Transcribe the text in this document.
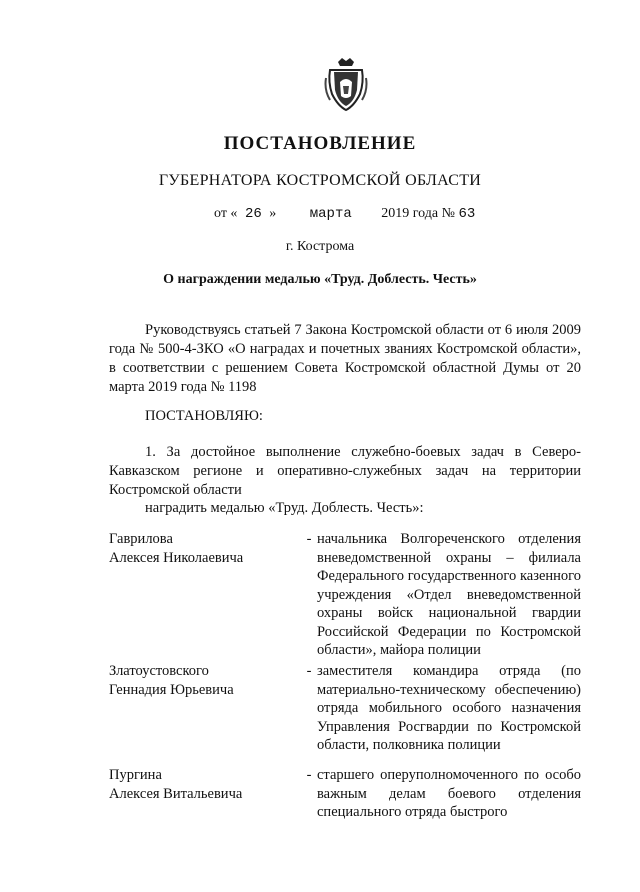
ПОСТАНОВЛЕНИЕ
ГУБЕРНАТОРА КОСТРОМСКОЙ ОБЛАСТИ
от « 26 » марта 2019 года № 63
г. Кострома
О награждении медалью «Труд. Доблесть. Честь»

Руководствуясь статьей 7 Закона Костромской области от 6 июля 2009 года № 500-4-ЗКО «О наградах и почетных званиях Костромской области», в соответствии с решением Совета Костромской областной Думы от 20 марта 2019 года № 1198

ПОСТАНОВЛЯЮ:

1. За достойное выполнение служебно-боевых задач в Северо-Кавказском регионе и оперативно-служебных задач на территории Костромской области

наградить медалью «Труд. Доблесть. Честь»:
Гаврилова
Алексея Николаевича
- начальника Волгореченского отделения вневедомственной охраны – филиала Федерального государственного казенного учреждения «Отдел вневедомственной охраны войск национальной гвардии Российской Федерации по Костромской области», майора полиции
Златоустовского
Геннадия Юрьевича
- заместителя командира отряда (по материально-техническому обеспечению) отряда мобильного особого назначения Управления Росгвардии по Костромской области, полковника полиции
Пургина
Алексея Витальевича
- старшего оперуполномоченного по особо важным делам боевого отделения специального отряда быстрого
